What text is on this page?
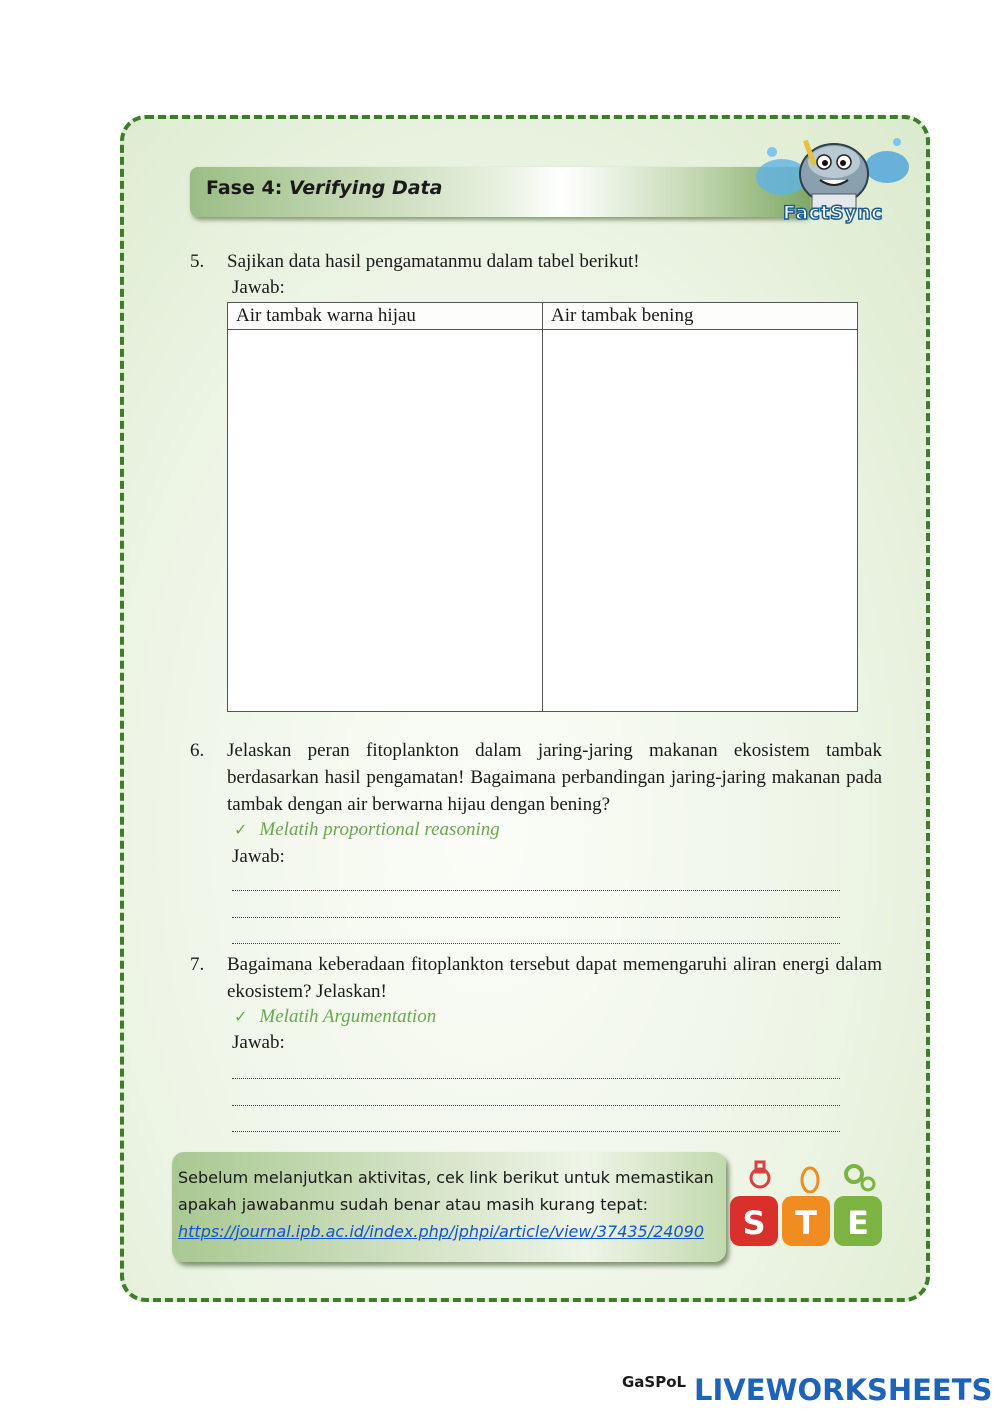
Fase 4: Verifying Data
FactSync
5. Sajikan data hasil pengamatanmu dalam tabel berikut!
Jawab:
Air tambak warna hijau	Air tambak bening

6. Jelaskan peran fitoplankton dalam jaring-jaring makanan ekosistem tambak berdasarkan hasil pengamatan! Bagaimana perbandingan jaring-jaring makanan pada tambak dengan air berwarna hijau dengan bening?
✓ Melatih proportional reasoning
Jawab:
7. Bagaimana keberadaan fitoplankton tersebut dapat memengaruhi aliran energi dalam ekosistem? Jelaskan!
✓ Melatih Argumentation
Jawab:
Sebelum melanjutkan aktivitas, cek link berikut untuk memastikan
apakah jawabanmu sudah benar atau masih kurang tepat:
https://journal.ipb.ac.id/index.php/jphpi/article/view/37435/24090	S T E
GaSPoL LIVEWORKSHEETS
